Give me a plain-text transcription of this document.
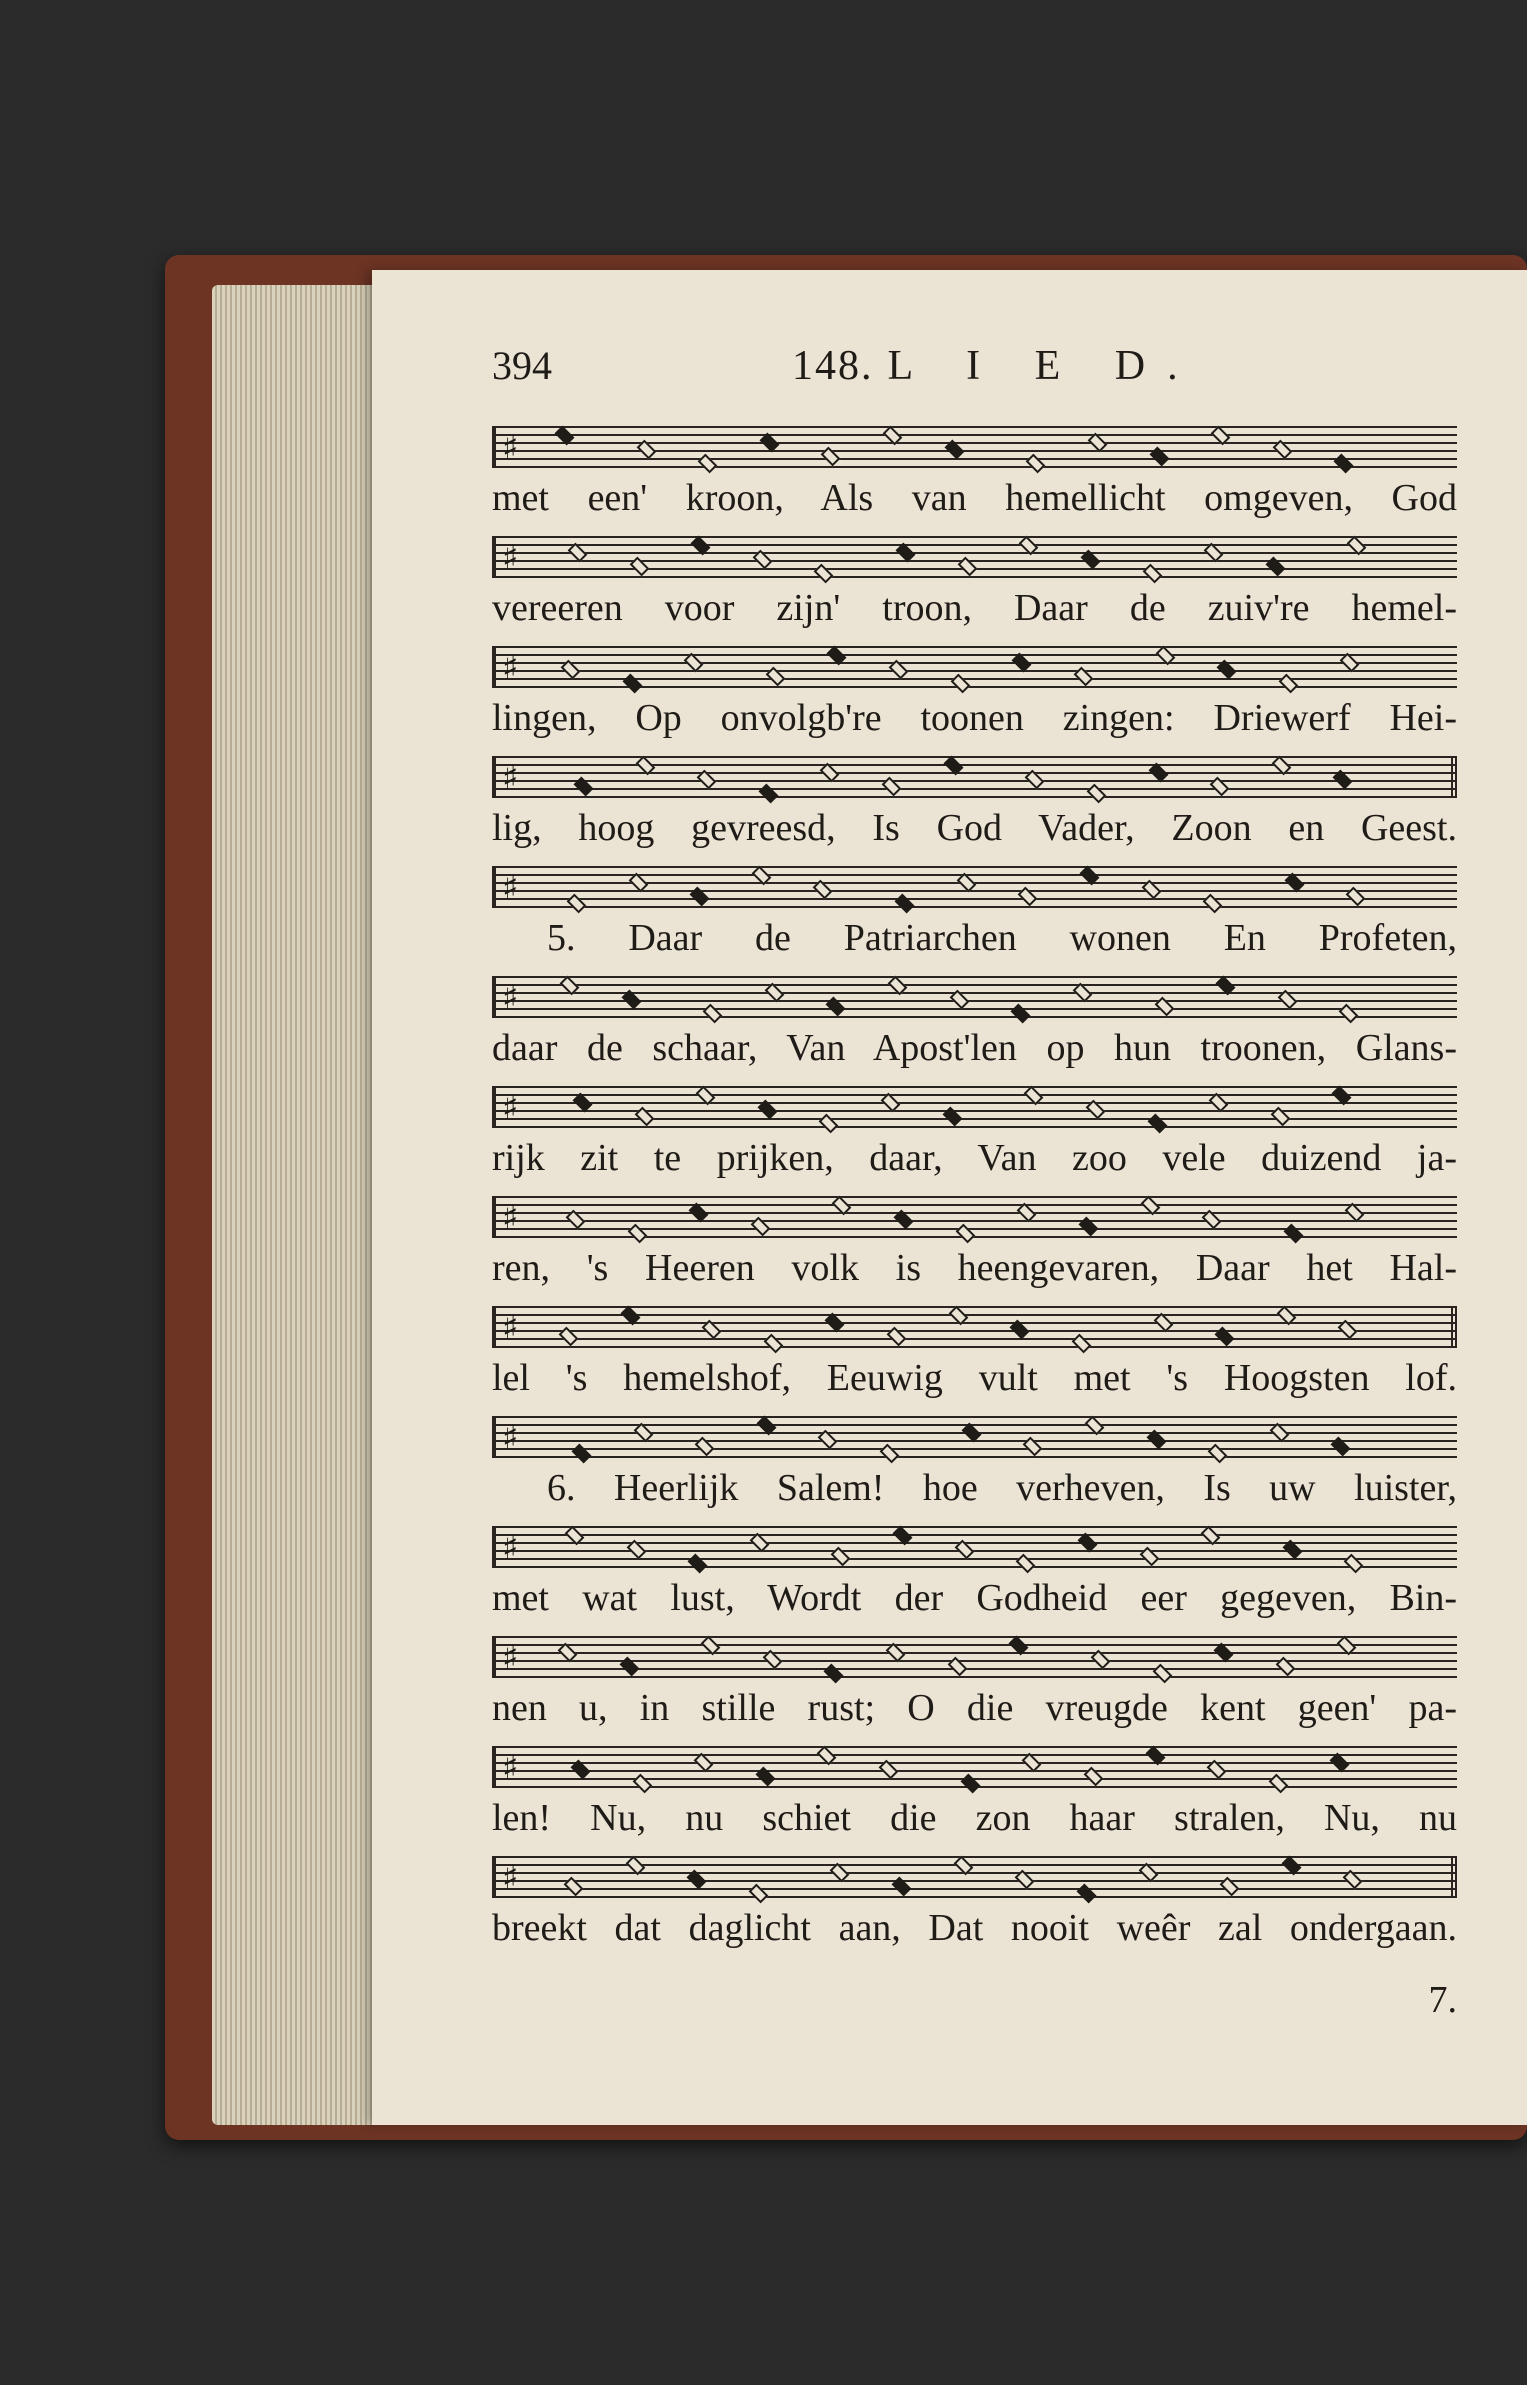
394	148. L I E D.
♯
met een' kroon, Als van hemellicht omgeven, God
♯
vereeren voor zijn' troon, Daar de zuiv're hemel-
♯
lingen, Op onvolgb're toonen zingen: Driewerf Hei-
♯
lig, hoog gevreesd, Is God Vader, Zoon en Geest.
♯
5. Daar de Patriarchen wonen En Profeten,
♯
daar de schaar, Van Apost'len op hun troonen, Glans-
♯
rijk zit te prijken, daar, Van zoo vele duizend ja-
♯
ren, 's Heeren volk is heengevaren, Daar het Hal-
♯
lel 's hemelshof, Eeuwig vult met 's Hoogsten lof.
♯
6. Heerlijk Salem! hoe verheven, Is uw luister,
♯
met wat lust, Wordt der Godheid eer gegeven, Bin-
♯
nen u, in stille rust; O die vreugde kent geen' pa-
♯
len! Nu, nu schiet die zon haar stralen, Nu, nu
♯
breekt dat daglicht aan, Dat nooit weêr zal ondergaan.
7.
